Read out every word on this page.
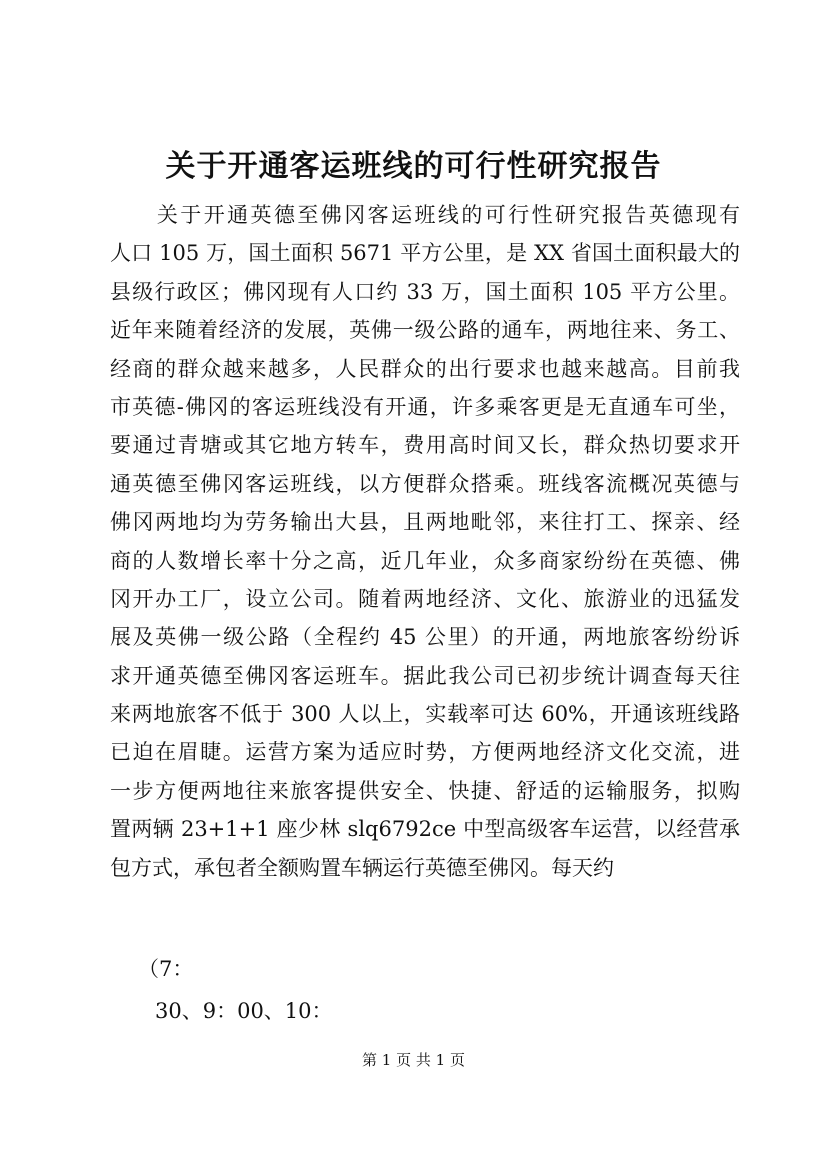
关于开通客运班线的可行性研究报告
　　关于开通英德至佛冈客运班线的可行性研究报告英德现有
人口 105 万，国土面积 5671 平方公里，是 XX 省国土面积最大的
县级行政区；佛冈现有人口约 33 万，国土面积 105 平方公里。
近年来随着经济的发展，英佛一级公路的通车，两地往来、务工、
经商的群众越来越多，人民群众的出行要求也越来越高。目前我
市英德-佛冈的客运班线没有开通，许多乘客更是无直通车可坐，
要通过青塘或其它地方转车，费用高时间又长，群众热切要求开
通英德至佛冈客运班线，以方便群众搭乘。班线客流概况英德与
佛冈两地均为劳务输出大县，且两地毗邻，来往打工、探亲、经
商的人数增长率十分之高，近几年业，众多商家纷纷在英德、佛
冈开办工厂，设立公司。随着两地经济、文化、旅游业的迅猛发
展及英佛一级公路（全程约 45 公里）的开通，两地旅客纷纷诉
求开通英德至佛冈客运班车。据此我公司已初步统计调查每天往
来两地旅客不低于 300 人以上，实载率可达 60%，开通该班线路
已迫在眉睫。运营方案为适应时势，方便两地经济文化交流，进
一步方便两地往来旅客提供安全、快捷、舒适的运输服务，拟购
置两辆 23+1+1 座少林 slq6792ce 中型高级客车运营，以经营承
包方式，承包者全额购置车辆运行英德至佛冈。每天约
（7：
30、9：00、10：
第 1 页 共 1 页
